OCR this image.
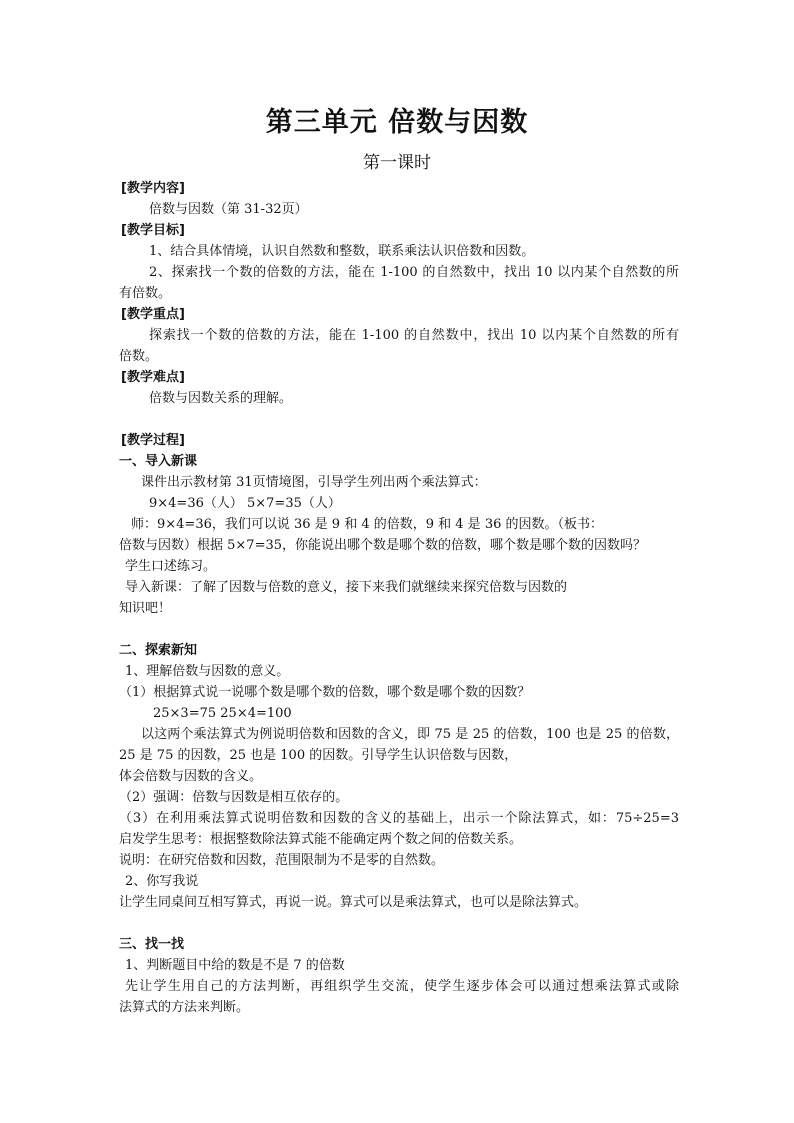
第三单元 倍数与因数
第一课时
[教学内容]
倍数与因数（第 31-32页）
[教学目标]
1、结合具体情境，认识自然数和整数，联系乘法认识倍数和因数。
2、探索找一个数的倍数的方法，能在 1-100 的自然数中，找出 10 以内某个自然数的所
有倍数。
[教学重点]
探索找一个数的倍数的方法，能在 1-100 的自然数中，找出 10 以内某个自然数的所有
倍数。
[教学难点]
倍数与因数关系的理解。
[教学过程]
一、导入新课
课件出示教材第 31页情境图，引导学生列出两个乘法算式：
9×4=36（人） 5×7=35（人）
师：9×4=36，我们可以说 36 是 9 和 4 的倍数，9 和 4 是 36 的因数。（板书：
倍数与因数）根据 5×7=35，你能说出哪个数是哪个数的倍数，哪个数是哪个数的因数吗？
学生口述练习。
导入新课：了解了因数与倍数的意义，接下来我们就继续来探究倍数与因数的
知识吧！
二、探索新知
1、理解倍数与因数的意义。
（1）根据算式说一说哪个数是哪个数的倍数，哪个数是哪个数的因数？
25×3=75 25×4=100
以这两个乘法算式为例说明倍数和因数的含义，即 75 是 25 的倍数，100 也是 25 的倍数，
25 是 75 的因数，25 也是 100 的因数。引导学生认识倍数与因数，
体会倍数与因数的含义。
（2）强调：倍数与因数是相互依存的。
（3）在利用乘法算式说明倍数和因数的含义的基础上，出示一个除法算式，如：75÷25=3
启发学生思考：根据整数除法算式能不能确定两个数之间的倍数关系。
说明：在研究倍数和因数，范围限制为不是零的自然数。
2、你写我说
让学生同桌间互相写算式，再说一说。算式可以是乘法算式，也可以是除法算式。
三、找一找
1、判断题目中给的数是不是 7 的倍数
先让学生用自己的方法判断，再组织学生交流，使学生逐步体会可以通过想乘法算式或除
法算式的方法来判断。
